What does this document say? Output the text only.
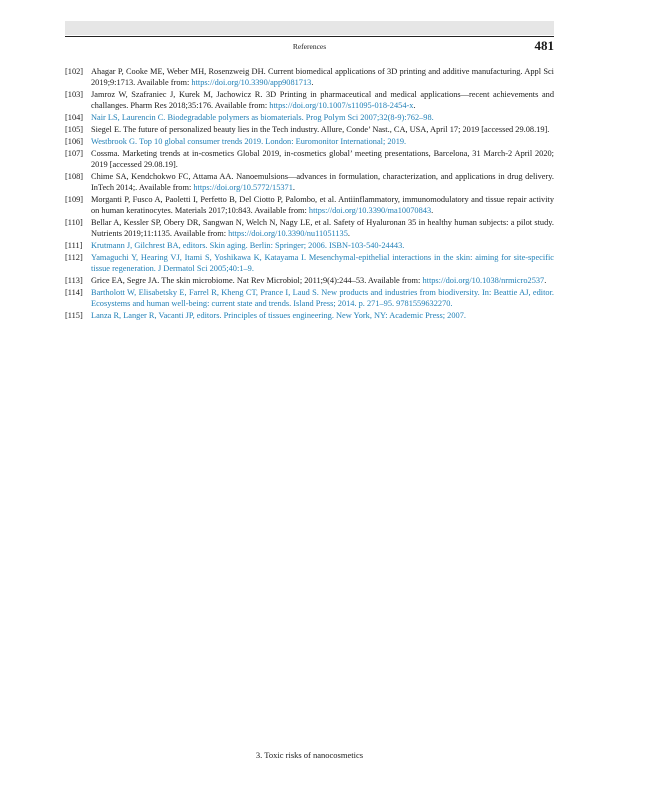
References	481
[102] Ahagar P, Cooke ME, Weber MH, Rosenzweig DH. Current biomedical applications of 3D printing and additive manufacturing. Appl Sci 2019;9:1713. Available from: https://doi.org/10.3390/app9081713.
[103] Jamroz W, Szafraniec J, Kurek M, Jachowicz R. 3D Printing in pharmaceutical and medical applications—recent achievements and challanges. Pharm Res 2018;35:176. Available from: https://doi.org/10.1007/s11095-018-2454-x.
[104] Nair LS, Laurencin C. Biodegradable polymers as biomaterials. Prog Polym Sci 2007;32(8-9):762–98.
[105] Siegel E. The future of personalized beauty lies in the Tech industry. Allure, Conde’ Nast., CA, USA, April 17; 2019 [accessed 29.08.19].
[106] Westbrook G. Top 10 global consumer trends 2019. London: Euromonitor International; 2019.
[107] Cossma. Marketing trends at in-cosmetics Global 2019, in-cosmetics global’ meeting presentations, Barcelona, 31 March-2 April 2020; 2019 [accessed 29.08.19].
[108] Chime SA, Kendchokwo FC, Attama AA. Nanoemulsions—advances in formulation, characterization, and applications in drug delivery. InTech 2014;. Available from: https://doi.org/10.5772/15371.
[109] Morganti P, Fusco A, Paoletti I, Perfetto B, Del Ciotto P, Palombo, et al. Antiinflammatory, immunomodulatory and tissue repair activity on human keratinocytes. Materials 2017;10:843. Available from: https://doi.org/10.3390/ma10070843.
[110] Bellar A, Kessler SP, Obery DR, Sangwan N, Welch N, Nagy LE, et al. Safety of Hyaluronan 35 in healthy human subjects: a pilot study. Nutrients 2019;11:1135. Available from: https://doi.org/10.3390/nu11051135.
[111]	Krutmann J, Gilchrest BA, editors. Skin aging. Berlin: Springer; 2006. ISBN-103-540-24443.
[112] Yamaguchi Y, Hearing VJ, Itami S, Yoshikawa K, Katayama I. Mesenchymal-epithelial interactions in the skin: aiming for site-specific tissue regeneration. J Dermatol Sci 2005;40:1–9.
[113] Grice EA, Segre JA. The skin microbiome. Nat Rev Microbiol; 2011;9(4):244–53. Available from: https://doi.org/10.1038/nrmicro2537.
[114] Bartholott W, Elisabetsky E, Farrel R, Kheng CT, Prance I, Laud S. New products and industries from biodiversity. In: Beattie AJ, editor. Ecosystems and human well-being: current state and trends. Island Press; 2014. p. 271–95. 9781559632270.
[115] Lanza R, Langer R, Vacanti JP, editors. Principles of tissues engineering. New York, NY: Academic Press; 2007.
3. Toxic risks of nanocosmetics
